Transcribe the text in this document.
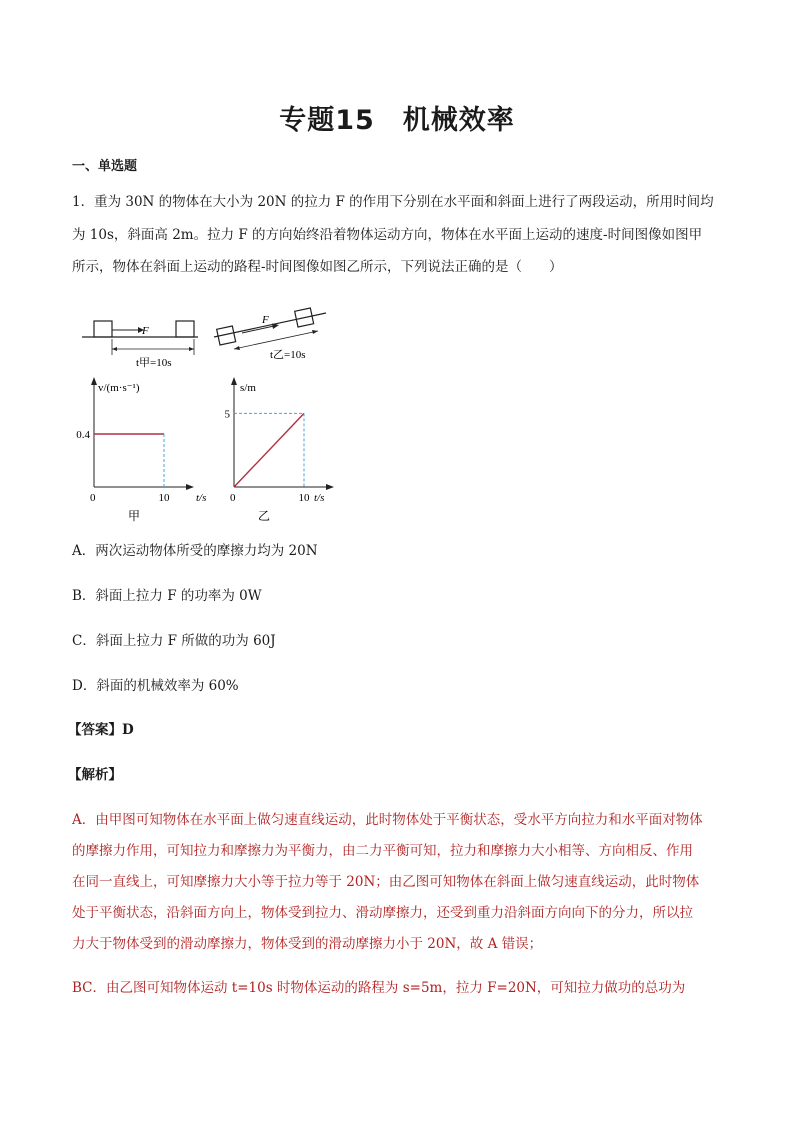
专题15　机械效率
一、单选题
1．重为 30N 的物体在大小为 20N 的拉力 F 的作用下分别在水平面和斜面上进行了两段运动，所用时间均
为 10s，斜面高 2m。拉力 F 的方向始终沿着物体运动方向，物体在水平面上运动的速度-时间图像如图甲
所示，物体在斜面上运动的路程-时间图像如图乙所示，下列说法正确的是（　　）
F
t甲=10s
F
t乙=10s
v/(m·s⁻¹)
t/s
0
0.4
10
甲
s/m
t/s
0
5
10
乙
A．两次运动物体所受的摩擦力均为 20N
B．斜面上拉力 F 的功率为 0W
C．斜面上拉力 F 所做的功为 60J
D．斜面的机械效率为 60%
【答案】D
【解析】
A．由甲图可知物体在水平面上做匀速直线运动，此时物体处于平衡状态，受水平方向拉力和水平面对物体
的摩擦力作用，可知拉力和摩擦力为平衡力，由二力平衡可知，拉力和摩擦力大小相等、方向相反、作用
在同一直线上，可知摩擦力大小等于拉力等于 20N；由乙图可知物体在斜面上做匀速直线运动，此时物体
处于平衡状态，沿斜面方向上，物体受到拉力、滑动摩擦力，还受到重力沿斜面方向向下的分力，所以拉
力大于物体受到的滑动摩擦力，物体受到的滑动摩擦力小于 20N，故 A 错误；
BC．由乙图可知物体运动 t=10s 时物体运动的路程为 s=5m，拉力 F=20N，可知拉力做功的总功为
